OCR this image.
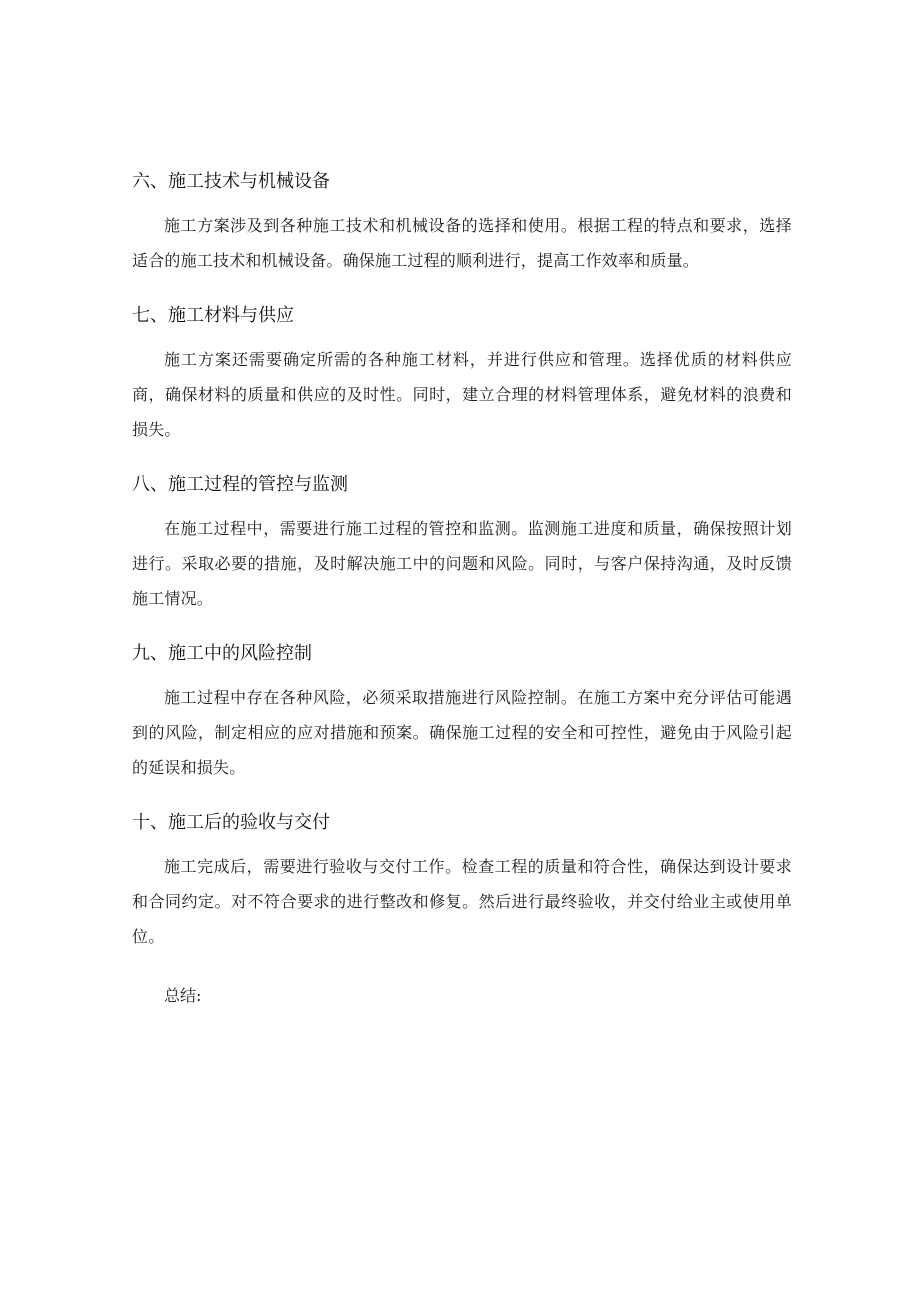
六、施工技术与机械设备

施工方案涉及到各种施工技术和机械设备的选择和使用。根据工程的特点和要求，选择适合的施工技术和机械设备。确保施工过程的顺利进行，提高工作效率和质量。

七、施工材料与供应

施工方案还需要确定所需的各种施工材料，并进行供应和管理。选择优质的材料供应商，确保材料的质量和供应的及时性。同时，建立合理的材料管理体系，避免材料的浪费和损失。

八、施工过程的管控与监测

在施工过程中，需要进行施工过程的管控和监测。监测施工进度和质量，确保按照计划进行。采取必要的措施，及时解决施工中的问题和风险。同时，与客户保持沟通，及时反馈施工情况。

九、施工中的风险控制

施工过程中存在各种风险，必须采取措施进行风险控制。在施工方案中充分评估可能遇到的风险，制定相应的应对措施和预案。确保施工过程的安全和可控性，避免由于风险引起的延误和损失。

十、施工后的验收与交付

施工完成后，需要进行验收与交付工作。检查工程的质量和符合性，确保达到设计要求和合同约定。对不符合要求的进行整改和修复。然后进行最终验收，并交付给业主或使用单位。

总结:
